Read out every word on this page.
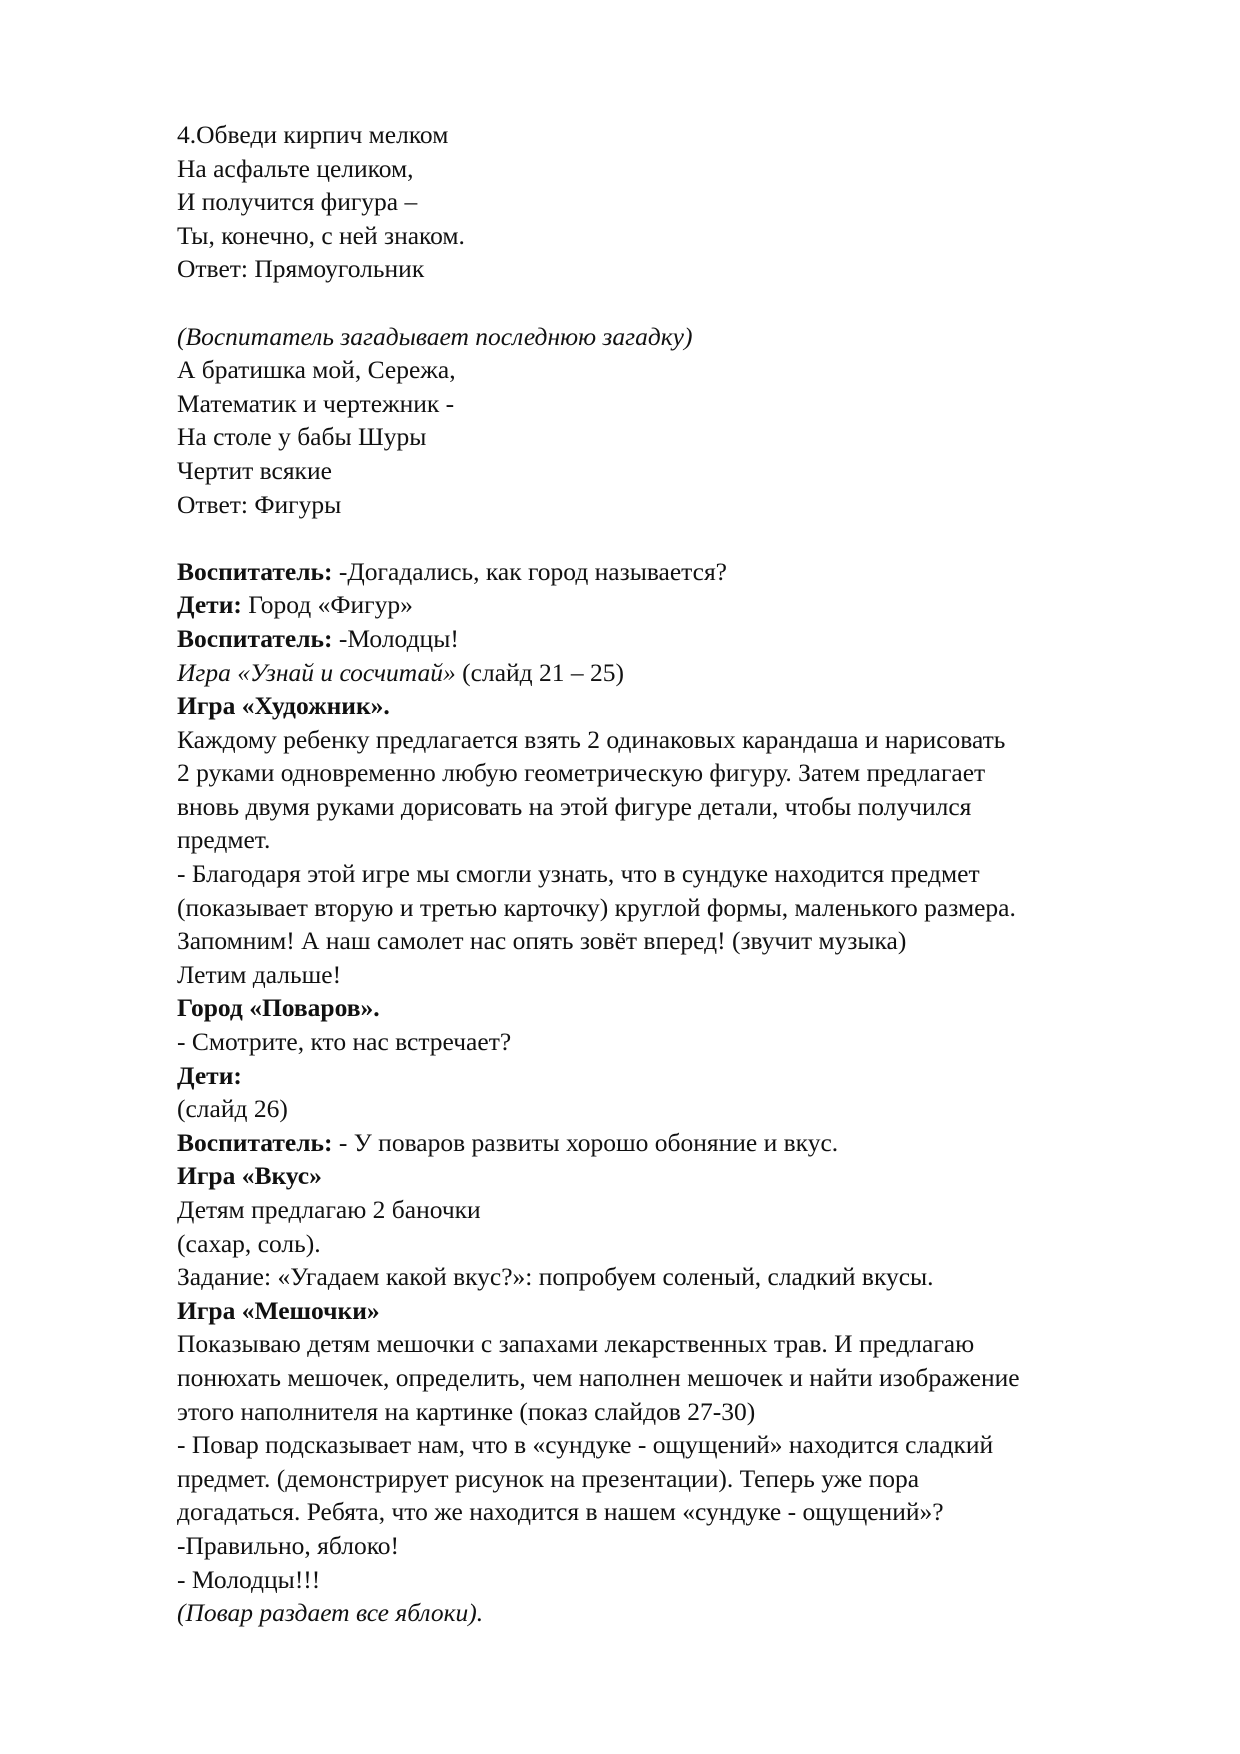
4.Обведи кирпич мелком
На асфальте целиком,
И получится фигура –
Ты, конечно, с ней знаком.
Ответ: Прямоугольник
(Воспитатель загадывает последнюю загадку)
А братишка мой, Сережа,
Математик и чертежник -
На столе у бабы Шуры
Чертит всякие
Ответ: Фигуры
Воспитатель: -Догадались, как город называется?
Дети: Город «Фигур»
Воспитатель: -Молодцы!
Игра «Узнай и сосчитай» (слайд 21 – 25)
Игра «Художник».
Каждому ребенку предлагается взять 2 одинаковых карандаша и нарисовать
2 руками одновременно любую геометрическую фигуру. Затем предлагает
вновь двумя руками дорисовать на этой фигуре детали, чтобы получился
предмет.
- Благодаря этой игре мы смогли узнать, что в сундуке находится предмет
(показывает вторую и третью карточку) круглой формы, маленького размера.
Запомним! А наш самолет нас опять зовёт вперед! (звучит музыка)
Летим дальше!
Город «Поваров».
- Смотрите, кто нас встречает?
Дети:
(слайд 26)
Воспитатель: - У поваров развиты хорошо обоняние и вкус.
Игра «Вкус»
Детям предлагаю 2 баночки
(сахар, соль).
Задание: «Угадаем какой вкус?»: попробуем соленый, сладкий вкусы.
Игра «Мешочки»
Показываю детям мешочки с запахами лекарственных трав. И предлагаю
понюхать мешочек, определить, чем наполнен мешочек и найти изображение
этого наполнителя на картинке (показ слайдов 27-30)
- Повар подсказывает нам, что в «сундуке - ощущений» находится сладкий
предмет. (демонстрирует рисунок на презентации). Теперь уже пора
догадаться. Ребята, что же находится в нашем «сундуке - ощущений»?
-Правильно, яблоко!
- Молодцы!!!
(Повар раздает все яблоки).
